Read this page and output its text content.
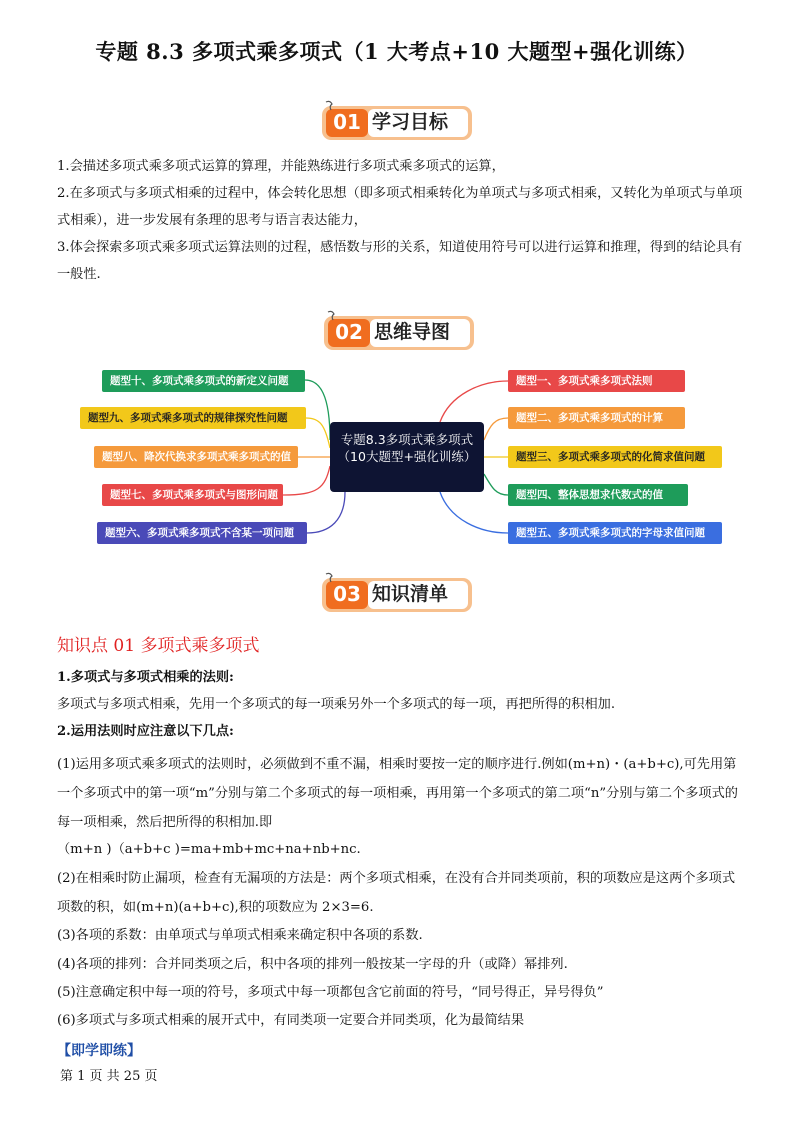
专题 8.3 多项式乘多项式（1 大考点+10 大题型+强化训练）
01 学习目标
1.会描述多项式乘多项式运算的算理，并能熟练进行多项式乘多项式的运算，
2.在多项式与多项式相乘的过程中，体会转化思想（即多项式相乘转化为单项式与多项式相乘，又转化为单项式与单项式相乘），进一步发展有条理的思考与语言表达能力，
3.体会探索多项式乘多项式运算法则的过程，感悟数与形的关系，知道使用符号可以进行运算和推理，得到的结论具有一般性.
02 思维导图
题型十、多项式乘多项式的新定义问题
题型九、多项式乘多项式的规律探究性问题
题型八、降次代换求多项式乘多项式的值
题型七、多项式乘多项式与图形问题
题型六、多项式乘多项式不含某一项问题
专题8.3多项式乘多项式（10大题型+强化训练）
题型一、多项式乘多项式法则
题型二、多项式乘多项式的计算
题型三、多项式乘多项式的化简求值问题
题型四、整体思想求代数式的值
题型五、多项式乘多项式的字母求值问题
03 知识清单
知识点 01 多项式乘多项式
1.多项式与多项式相乘的法则:
多项式与多项式相乘，先用一个多项式的每一项乘另外一个多项式的每一项，再把所得的积相加.
2.运用法则时应注意以下几点:
(1)运用多项式乘多项式的法则时，必须做到不重不漏，相乘时要按一定的顺序进行.例如(m+n)・(a+b+c),可先用第一个多项式中的第一项“m”分别与第二个多项式的每一项相乘，再用第一个多项式的第二项“n”分别与第二个多项式的每一项相乘，然后把所得的积相加.即
（m+n )（a+b+c )=ma+mb+mc+na+nb+nc.
(2)在相乘时防止漏项，检查有无漏项的方法是：两个多项式相乘，在没有合并同类项前，积的项数应是这两个多项式项数的积，如(m+n)(a+b+c),积的项数应为 2×3=6.
(3)各项的系数：由单项式与单项式相乘来确定积中各项的系数.
(4)各项的排列：合并同类项之后，积中各项的排列一般按某一字母的升（或降）幂排列.
(5)注意确定积中每一项的符号，多项式中每一项都包含它前面的符号，“同号得正，异号得负”
(6)多项式与多项式相乘的展开式中，有同类项一定要合并同类项，化为最简结果
【即学即练】
第 1 页 共 25 页
